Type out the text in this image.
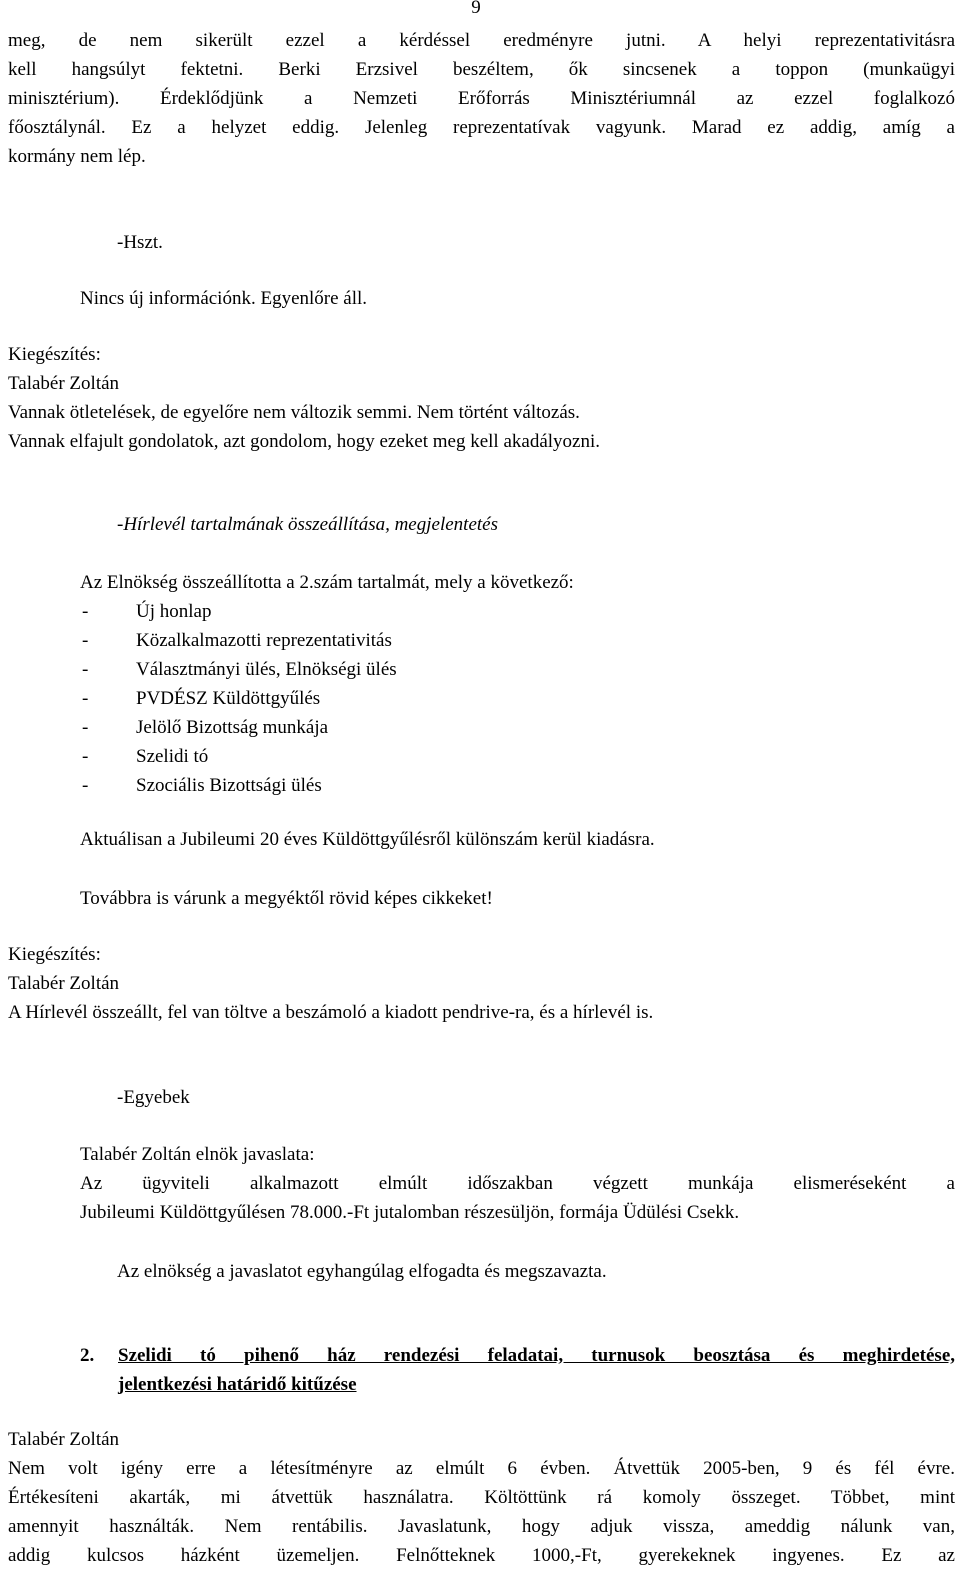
9

meg, de nem sikerült ezzel a kérdéssel eredményre jutni. A helyi reprezentativitásra

kell hangsúlyt fektetni. Berki Erzsivel beszéltem, ők sincsenek a toppon (munkaügyi

minisztérium). Érdeklődjünk a Nemzeti Erőforrás Minisztériumnál az ezzel foglalkozó

főosztálynál. Ez a helyzet eddig. Jelenleg reprezentatívak vagyunk. Marad ez addig, amíg a

kormány nem lép.

-Hszt.
Nincs új információnk. Egyenlőre áll.
Kiegészítés:
Talabér Zoltán
Vannak ötletelések, de egyelőre nem változik semmi. Nem történt változás.
Vannak elfajult gondolatok, azt gondolom, hogy ezeket meg kell akadályozni.
-Hírlevél tartalmának összeállítása, megjelentetés
Az Elnökség összeállította a 2.szám tartalmát, mely a következő:
- Új honlap
- Közalkalmazotti reprezentativitás
- Választmányi ülés, Elnökségi ülés
- PVDÉSZ Küldöttgyűlés
- Jelölő Bizottság munkája
- Szelidi tó
- Szociális Bizottsági ülés
Aktuálisan a Jubileumi 20 éves Küldöttgyűlésről különszám kerül kiadásra.
Továbbra is várunk a megyéktől rövid képes cikkeket!
Kiegészítés:
Talabér Zoltán
A Hírlevél összeállt, fel van töltve a beszámoló a kiadott pendrive-ra, és a hírlevél is.
-Egyebek
Talabér Zoltán elnök javaslata:

Az ügyviteli alkalmazott elmúlt időszakban végzett munkája elismeréseként a

Jubileumi Küldöttgyűlésen 78.000.-Ft jutalomban részesüljön, formája Üdülési Csekk.

Az elnökség a javaslatot egyhangúlag elfogadta és megszavazta.
2. Szelidi tó pihenő ház rendezési feladatai, turnusok beosztása és meghirdetése,

jelentkezési határidő kitűzése

Talabér Zoltán

Nem volt igény erre a létesítményre az elmúlt 6 évben. Átvettük 2005-ben, 9 és fél évre.

Értékesíteni akarták, mi átvettük használatra. Költöttünk rá komoly összeget. Többet, mint

amennyit használták. Nem rentábilis. Javaslatunk, hogy adjuk vissza, ameddig nálunk van,

addig kulcsos házként üzemeljen. Felnőtteknek 1000,-Ft, gyerekeknek ingyenes. Ez az
